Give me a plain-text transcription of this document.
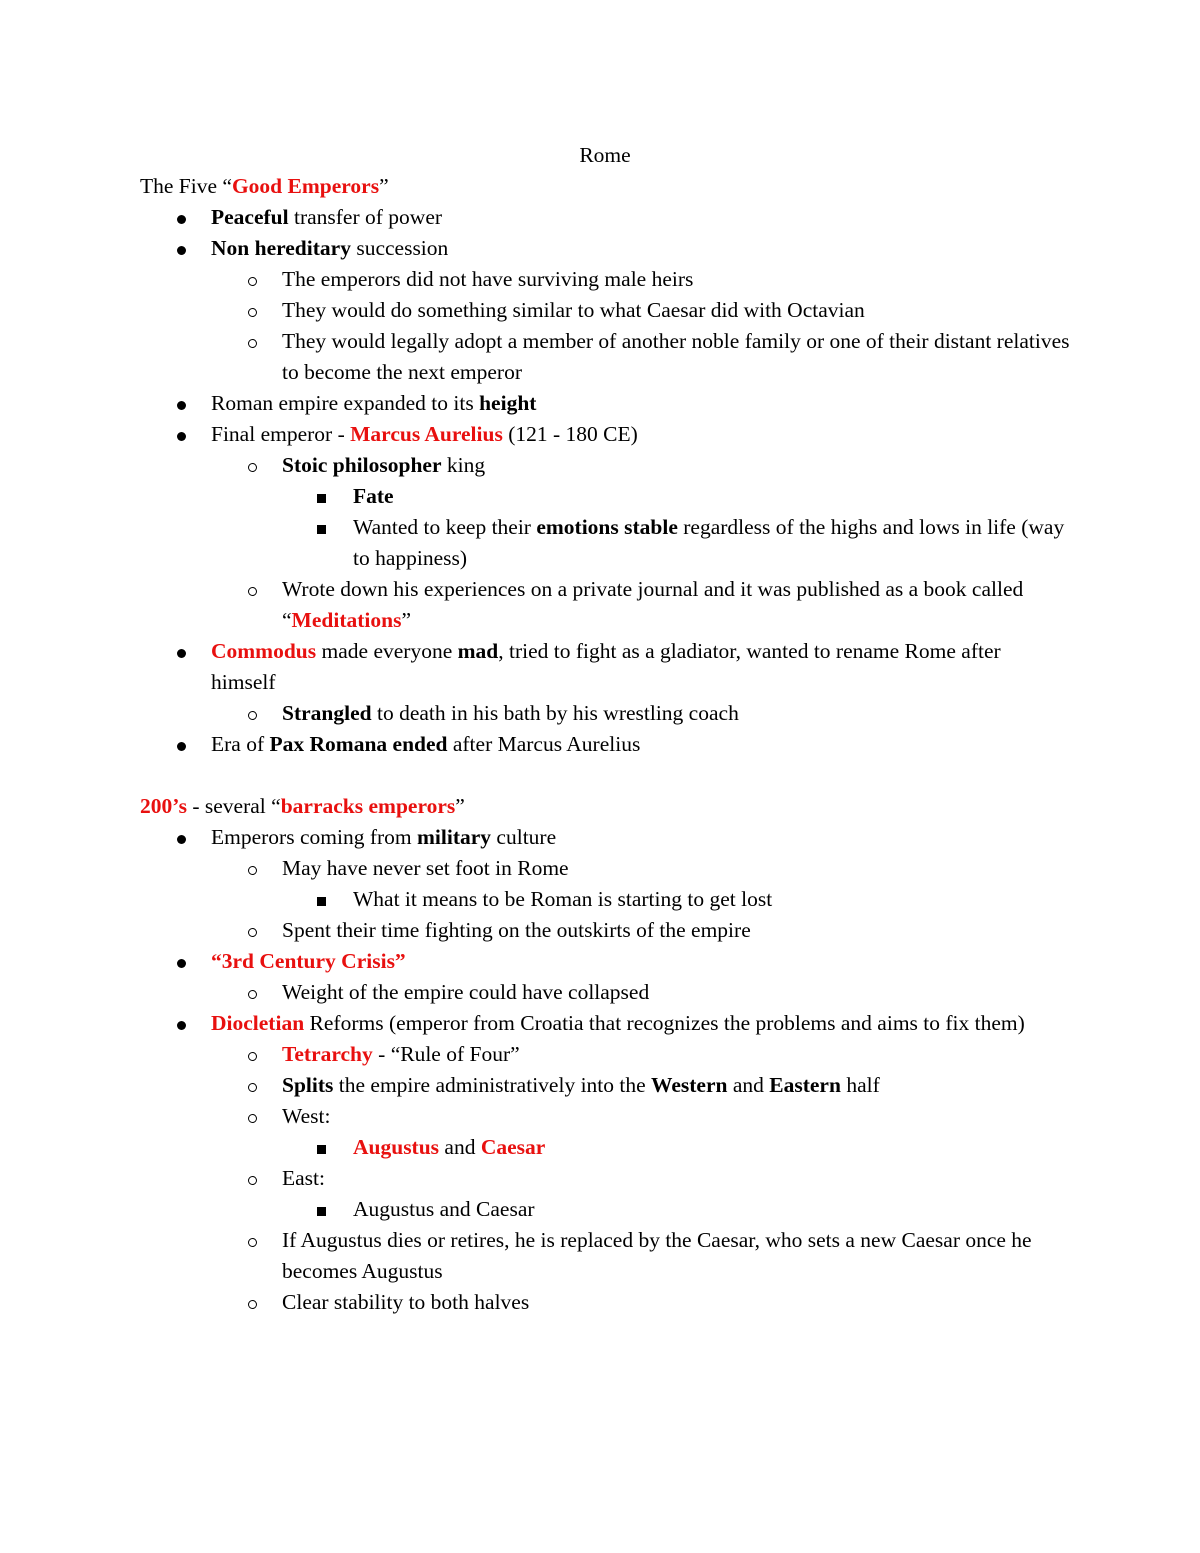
Rome
The Five “Good Emperors”
Peaceful transfer of power
Non hereditary succession
The emperors did not have surviving male heirs
They would do something similar to what Caesar did with Octavian
They would legally adopt a member of another noble family or one of their distant relatives to become the next emperor
Roman empire expanded to its height
Final emperor - Marcus Aurelius (121 - 180 CE)
Stoic philosopher king
Fate
Wanted to keep their emotions stable regardless of the highs and lows in life (way to happiness)
Wrote down his experiences on a private journal and it was published as a book called “Meditations”
Commodus made everyone mad, tried to fight as a gladiator, wanted to rename Rome after himself
Strangled to death in his bath by his wrestling coach
Era of Pax Romana ended after Marcus Aurelius
200’s - several “barracks emperors”
Emperors coming from military culture
May have never set foot in Rome
What it means to be Roman is starting to get lost
Spent their time fighting on the outskirts of the empire
“3rd Century Crisis”
Weight of the empire could have collapsed
Diocletian Reforms (emperor from Croatia that recognizes the problems and aims to fix them)
Tetrarchy - “Rule of Four”
Splits the empire administratively into the Western and Eastern half
West:
Augustus and Caesar
East:
Augustus and Caesar
If Augustus dies or retires, he is replaced by the Caesar, who sets a new Caesar once he becomes Augustus
Clear stability to both halves
